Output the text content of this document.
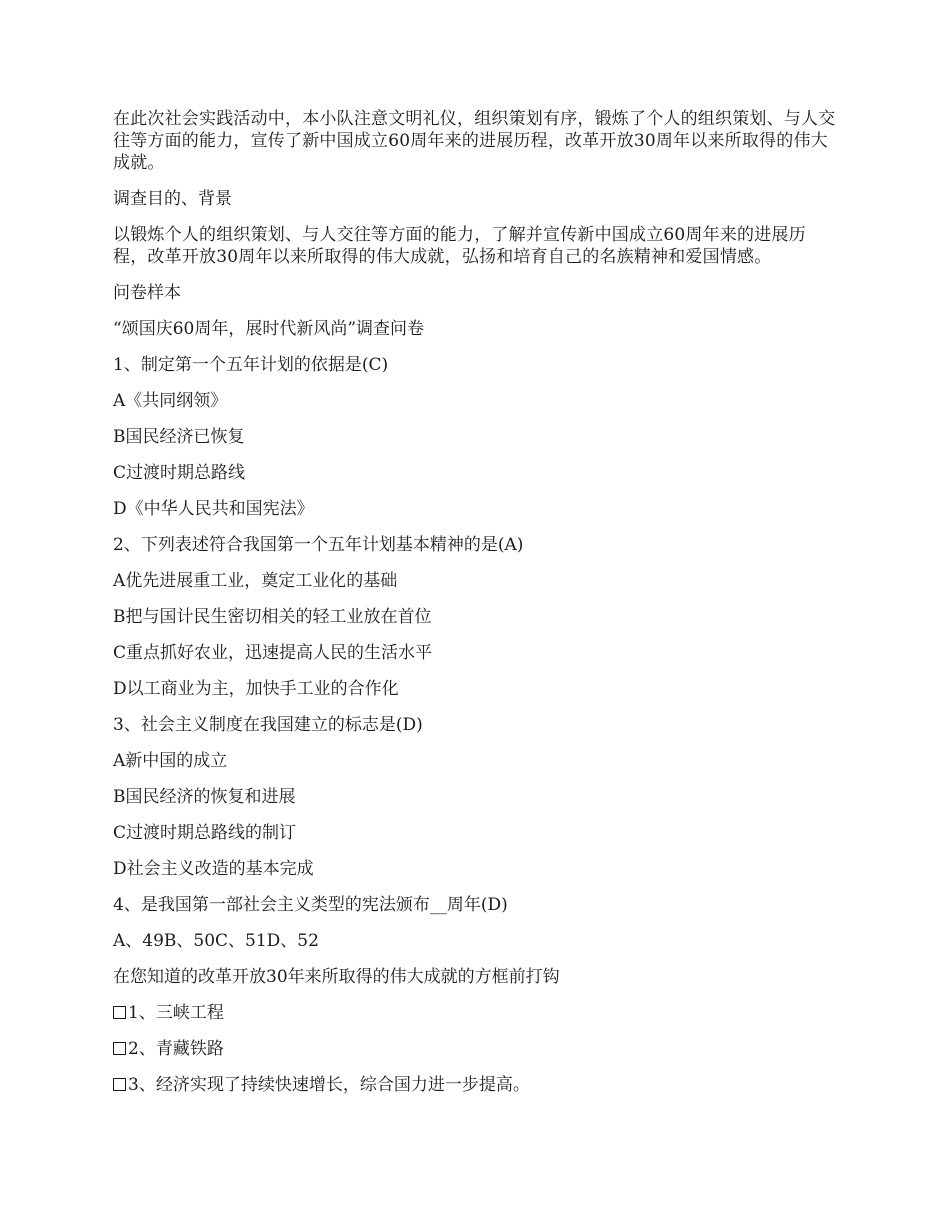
在此次社会实践活动中，本小队注意文明礼仪，组织策划有序，锻炼了个人的组织策划、与人交往等方面的能力，宣传了新中国成立60周年来的进展历程，改革开放30周年以来所取得的伟大成就。

调查目的、背景

以锻炼个人的组织策划、与人交往等方面的能力，了解并宣传新中国成立60周年来的进展历程，改革开放30周年以来所取得的伟大成就，弘扬和培育自己的名族精神和爱国情感。

问卷样本

“颂国庆60周年，展时代新风尚”调查问卷

1、制定第一个五年计划的依据是(C)

A《共同纲领》

B国民经济已恢复

C过渡时期总路线

D《中华人民共和国宪法》

2、下列表述符合我国第一个五年计划基本精神的是(A)

A优先进展重工业，奠定工业化的基础

B把与国计民生密切相关的轻工业放在首位

C重点抓好农业，迅速提高人民的生活水平

D以工商业为主，加快手工业的合作化

3、社会主义制度在我国建立的标志是(D)

A新中国的成立

B国民经济的恢复和进展

C过渡时期总路线的制订

D社会主义改造的基本完成

4、是我国第一部社会主义类型的宪法颁布__周年(D)

A、49B、50C、51D、52

在您知道的改革开放30年来所取得的伟大成就的方框前打钩

1、三峡工程

2、青藏铁路

3、经济实现了持续快速增长，综合国力进一步提高。
